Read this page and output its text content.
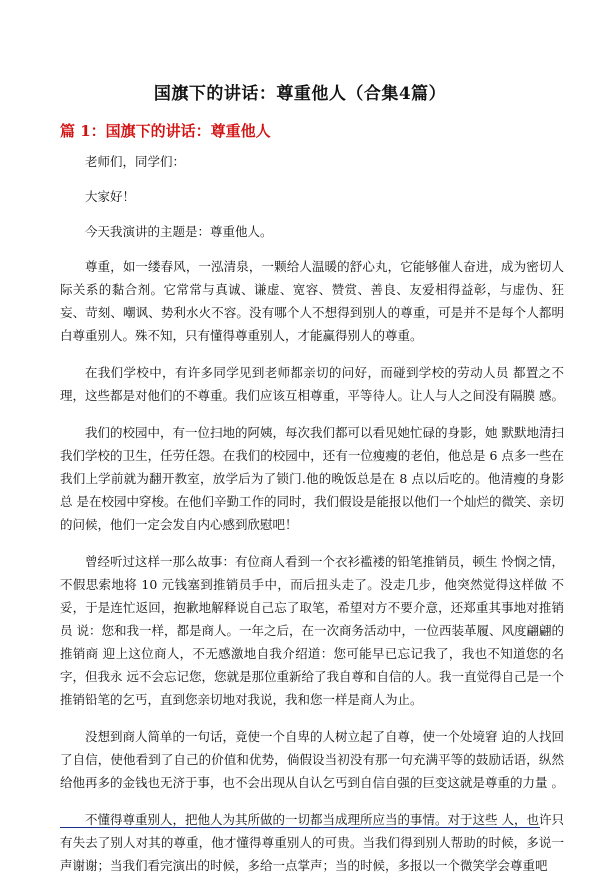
国旗下的讲话：尊重他人（合集4篇）
篇 1：国旗下的讲话：尊重他人

老师们，同学们：

大家好！

今天我演讲的主题是：尊重他人。

尊重，如一缕春风，一泓清泉，一颗给人温暖的舒心丸，它能够催人奋进，成为密切人际关系的黏合剂。它常常与真诚、谦虚、宽容、赞赏、善良、友爱相得益彰，与虚伪、狂妄、苛刻、嘲讽、势利水火不容。没有哪个人不想得到别人的尊重，可是并不是每个人都明 白尊重别人。殊不知，只有懂得尊重别人，才能赢得别人的尊重。

在我们学校中，有许多同学见到老师都亲切的问好，而碰到学校的劳动人员 都置之不理，这些都是对他们的不尊重。我们应该互相尊重，平等待人。让人与人之间没有隔膜 感。

我们的校园中，有一位扫地的阿姨，每次我们都可以看见她忙碌的身影，她 默默地清扫我们学校的卫生，任劳任怨。在我们的校园中，还有一位瘦瘦的老伯，他总是 6 点多一些在我们上学前就为翻开教室，放学后为了锁门.他的晚饭总是在 8 点以后吃的。他清瘦的身影总 是在校园中穿梭。在他们辛勤工作的同时，我们假设是能报以他们一个灿烂的微笑、亲切的问候，他们一定会发自内心感到欣慰吧！

曾经听过这样一那么故事：有位商人看到一个衣衫褴褛的铅笔推销员，顿生 怜悯之情，不假思索地将 10 元钱塞到推销员手中，而后扭头走了。没走几步，他突然觉得这样做 不妥，于是连忙返回，抱歉地解释说自己忘了取笔，希望对方不要介意，还郑重其事地对推销员 说：您和我一样，都是商人。一年之后，在一次商务活动中，一位西装革履、风度翩翩的推销商 迎上这位商人，不无感激地自我介绍道：您可能早已忘记我了，我也不知道您的名字，但我永 远不会忘记您，您就是那位重新给了我自尊和自信的人。我一直觉得自己是一个推销铅笔的乞丐，直到您亲切地对我说，我和您一样是商人为止。

没想到商人简单的一句话，竟使一个自卑的人树立起了自尊，使一个处境窘 迫的人找回了自信，使他看到了自己的价值和优势，倘假设当初没有那一句充满平等的鼓励话语，纵然给他再多的金钱也无济于事，也不会出现从自认乞丐到自信自强的巨变这就是尊重的力量 。

不懂得尊重别人，把他人为其所做的一切都当成理所应当的事情。对于这些 人，也许只有失去了别人对其的尊重，他才懂得尊重别人的可贵。当我们得到别人帮助的时候，多说一声谢谢；当我们看完演出的时候，多给一点掌声；当的时候，多报以一个微笑学会尊重吧
